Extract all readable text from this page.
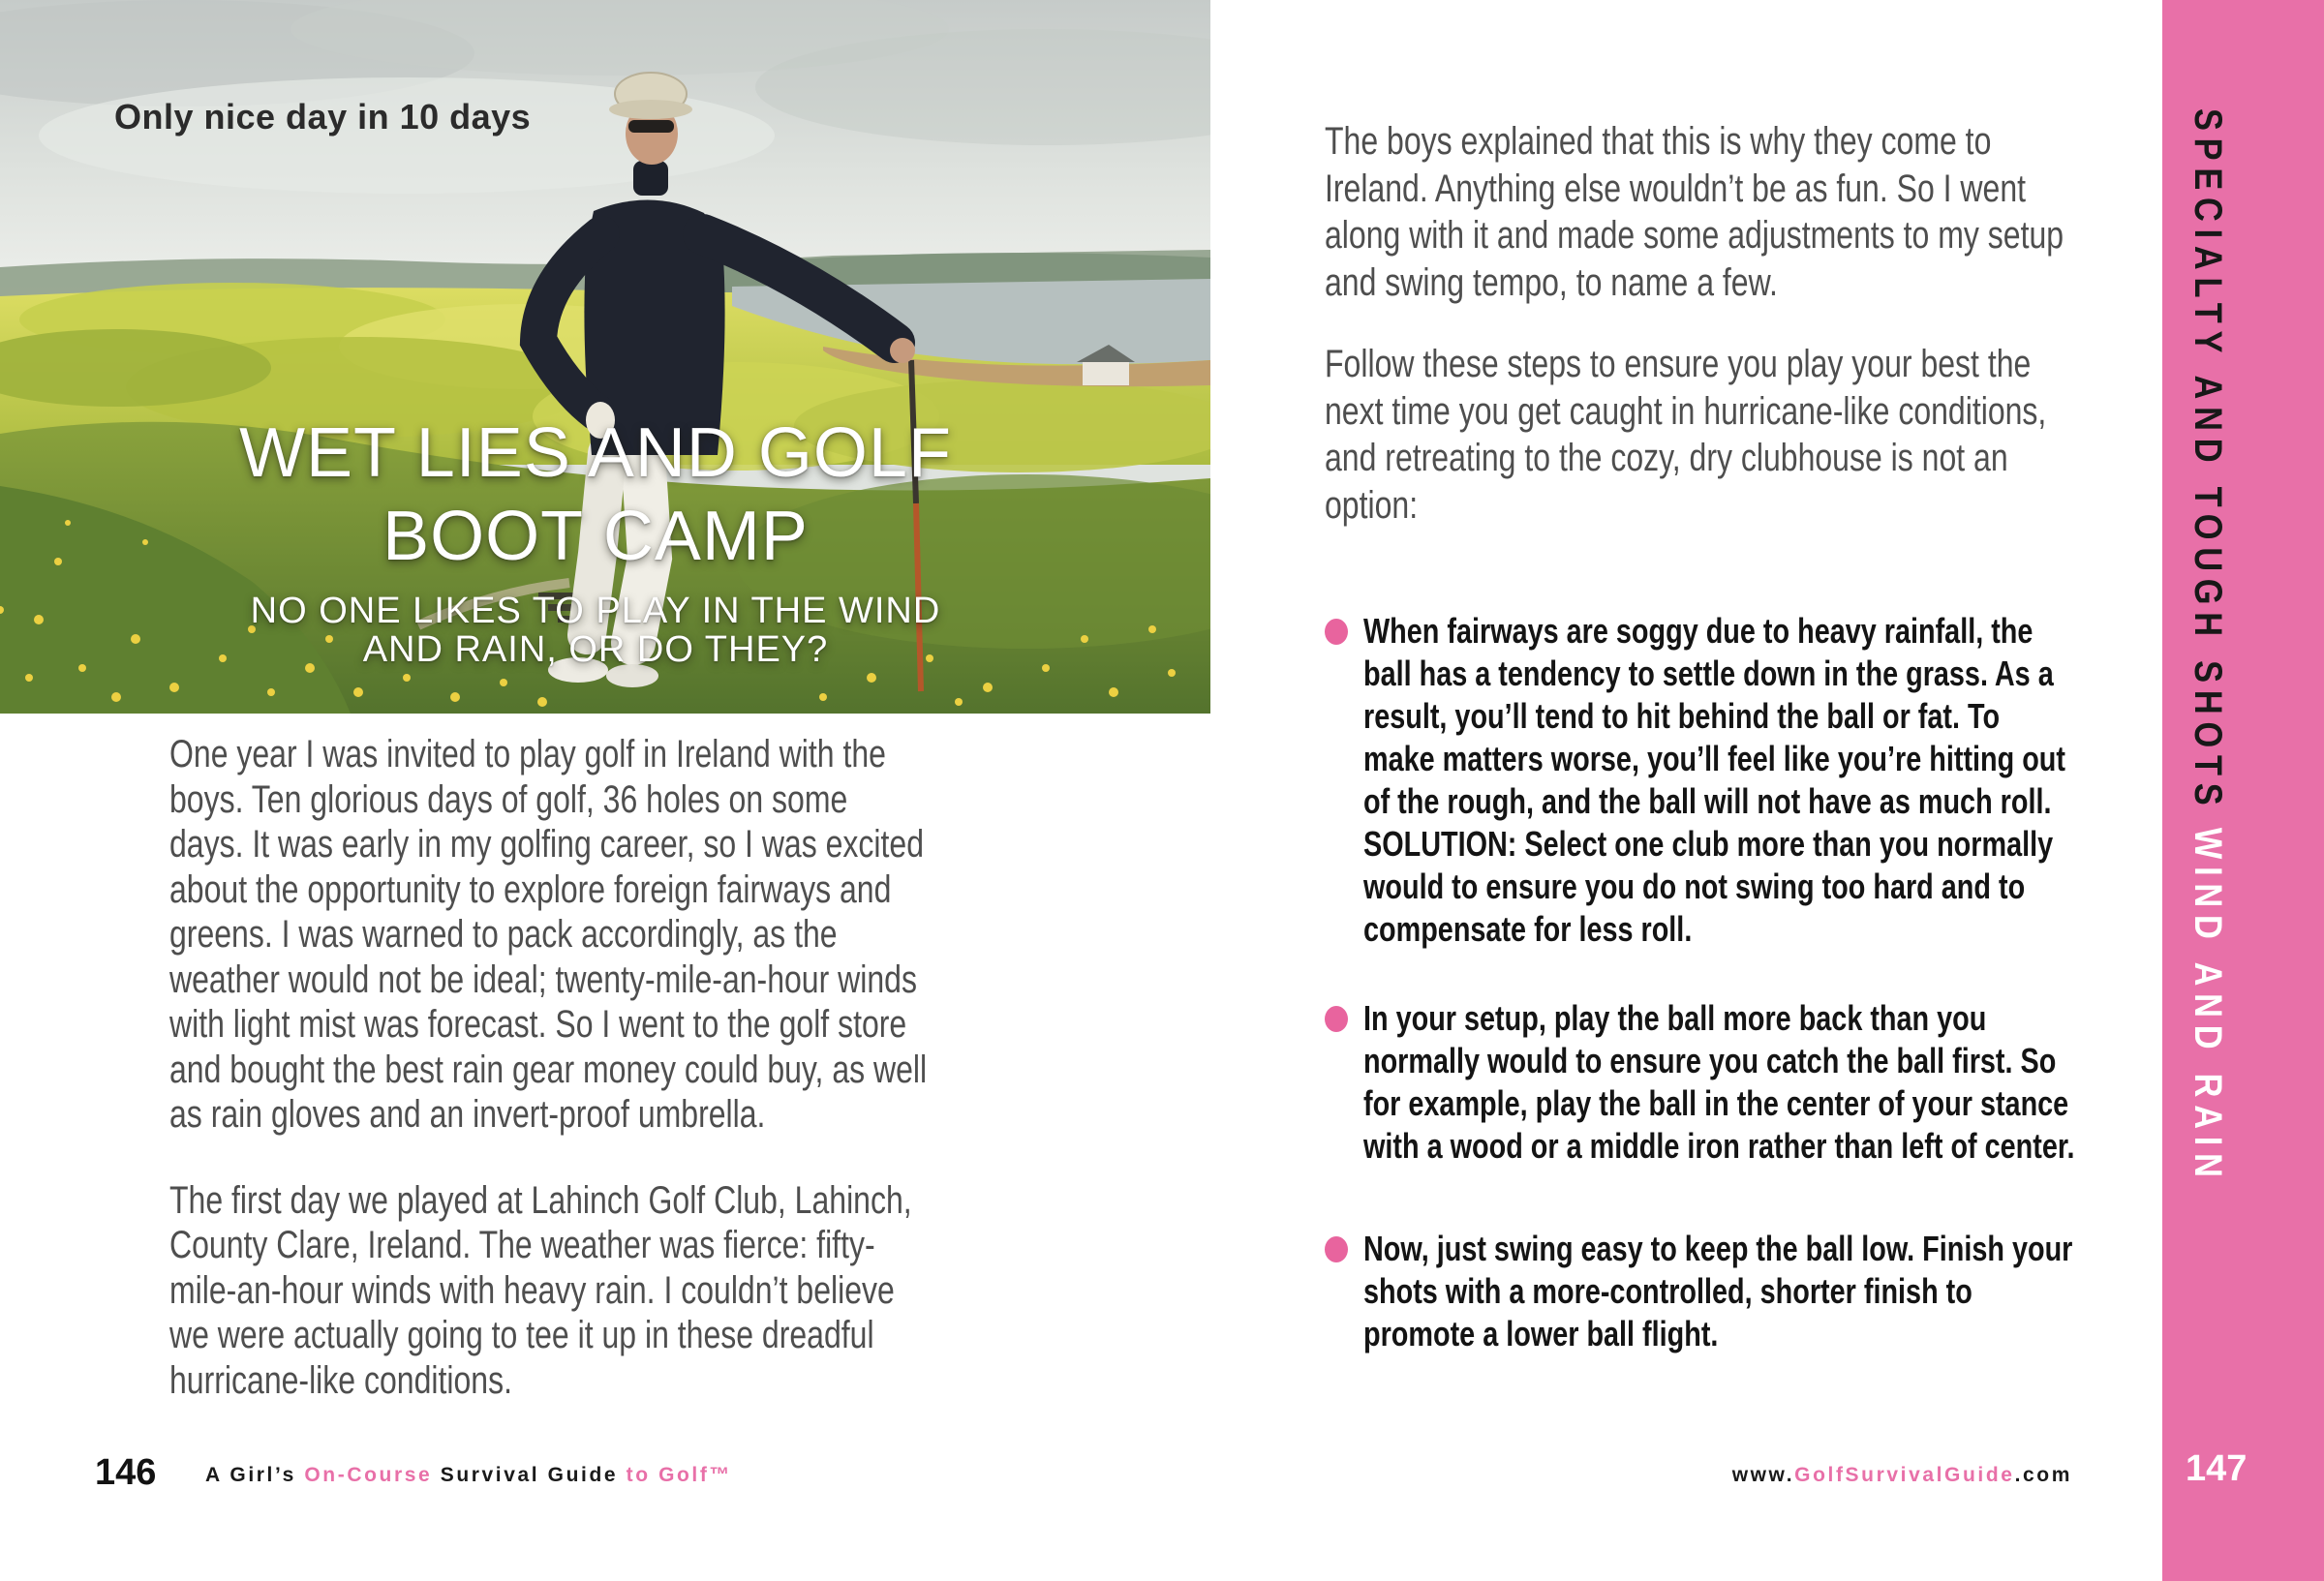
Only nice day in 10 days
WET LIES AND GOLF
BOOT CAMP
NO ONE LIKES TO PLAY IN THE WIND
AND RAIN, OR DO THEY?

One year I was invited to play golf in Ireland with the boys. Ten glorious days of golf, 36 holes on some days. It was early in my golfing career, so I was excited about the opportunity to explore foreign fairways and greens. I was warned to pack accordingly, as the weather would not be ideal; twenty-mile-an-hour winds with light mist was forecast. So I went to the golf store and bought the best rain gear money could buy, as well as rain gloves and an invert-proof umbrella.

The first day we played at Lahinch Golf Club, Lahinch, County Clare, Ireland. The weather was fierce: fifty-mile-an-hour winds with heavy rain. I couldn’t believe we were actually going to tee it up in these dreadful hurricane-like conditions.

146 A Girl’s On-Course Survival Guide to Golf™

The boys explained that this is why they come to Ireland. Anything else wouldn’t be as fun. So I went along with it and made some adjustments to my setup and swing tempo, to name a few.

Follow these steps to ensure you play your best the next time you get caught in hurricane-like conditions, and retreating to the cozy, dry clubhouse is not an option:

When fairways are soggy due to heavy rainfall, the ball has a tendency to settle down in the grass. As a result, you’ll tend to hit behind the ball or fat. To make matters worse, you’ll feel like you’re hitting out of the rough, and the ball will not have as much roll. SOLUTION: Select one club more than you normally would to ensure you do not swing too hard and to compensate for less roll.
In your setup, play the ball more back than you normally would to ensure you catch the ball first. So for example, play the ball in the center of your stance with a wood or a middle iron rather than left of center.
Now, just swing easy to keep the ball low. Finish your shots with a more-controlled, shorter finish to promote a lower ball flight.
www.GolfSurvivalGuide.com
SPECIALTY AND TOUGH SHOTSWIND AND RAIN
147
